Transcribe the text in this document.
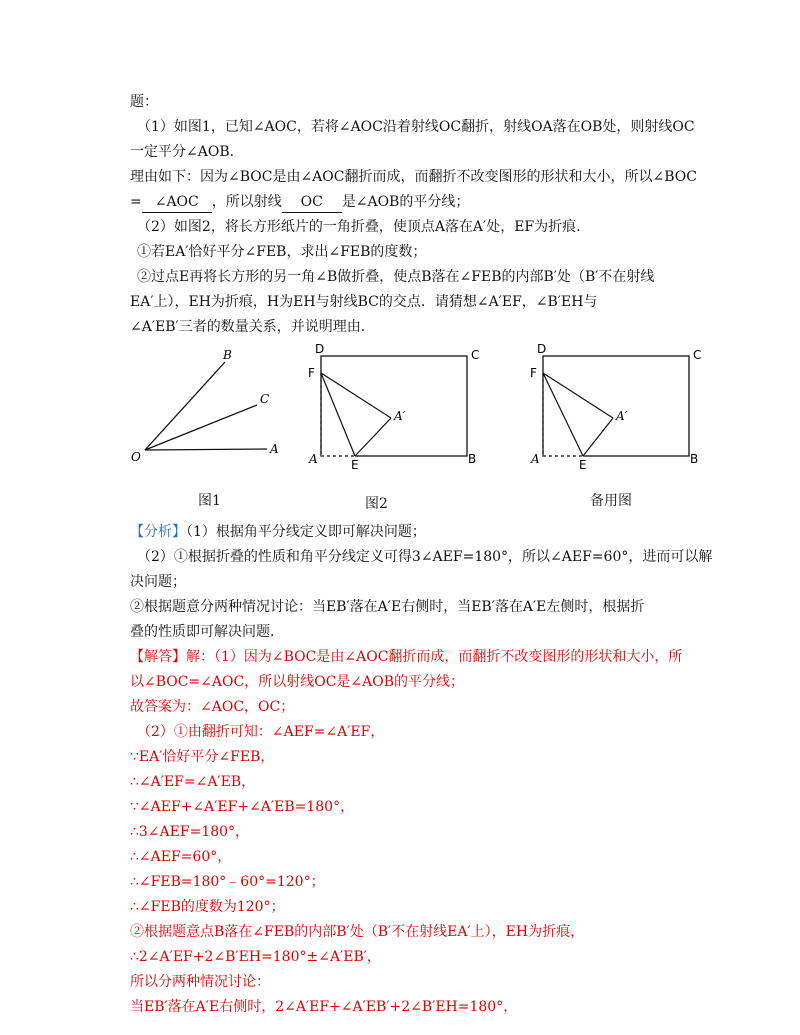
题：
（1）如图1，已知∠AOC，若将∠AOC沿着射线OC翻折，射线OA落在OB处，则射线OC
一定平分∠AOB.
理由如下：因为∠BOC是由∠AOC翻折而成，而翻折不改变图形的形状和大小，所以∠BOC
= ∠AOC ，所以射线 OC 是∠AOB的平分线；
（2）如图2，将长方形纸片的一角折叠，使顶点A落在A′处，EF为折痕.
①若EA′恰好平分∠FEB，求出∠FEB的度数；
②过点E再将长方形的另一角∠B做折叠，使点B落在∠FEB的内部B′处（B′不在射线
EA′上），EH为折痕，H为EH与射线BC的交点．请猜想∠A′EF，∠B′EH与
∠A′EB′三者的数量关系，并说明理由.
B
C
A
O
图1
D	C
F
A′
A	E	B
图2
D	C
F
A′
A	E	B
备用图
【分析】（1）根据角平分线定义即可解决问题；
（2）①根据折叠的性质和角平分线定义可得3∠AEF=180°，所以∠AEF=60°，进而可以解
决问题；
②根据题意分两种情况讨论：当EB′落在A′E右侧时，当EB′落在A′E左侧时，根据折
叠的性质即可解决问题.
【解答】解：（1）因为∠BOC是由∠AOC翻折而成，而翻折不改变图形的形状和大小，所
以∠BOC=∠AOC，所以射线OC是∠AOB的平分线；
故答案为：∠AOC，OC；
（2）①由翻折可知：∠AEF=∠A′EF，
∵EA′恰好平分∠FEB，
∴∠A′EF=∠A′EB，
∵∠AEF+∠A′EF+∠A′EB=180°，
∴3∠AEF=180°，
∴∠AEF=60°，
∴∠FEB=180°﹣60°=120°；
∴∠FEB的度数为120°；
②根据题意点B落在∠FEB的内部B′处（B′不在射线EA′上），EH为折痕，
∴2∠A′EF+2∠B′EH=180°±∠A′EB′，
所以分两种情况讨论：
当EB′落在A′E右侧时，2∠A′EF+∠A′EB′+2∠B′EH=180°，
